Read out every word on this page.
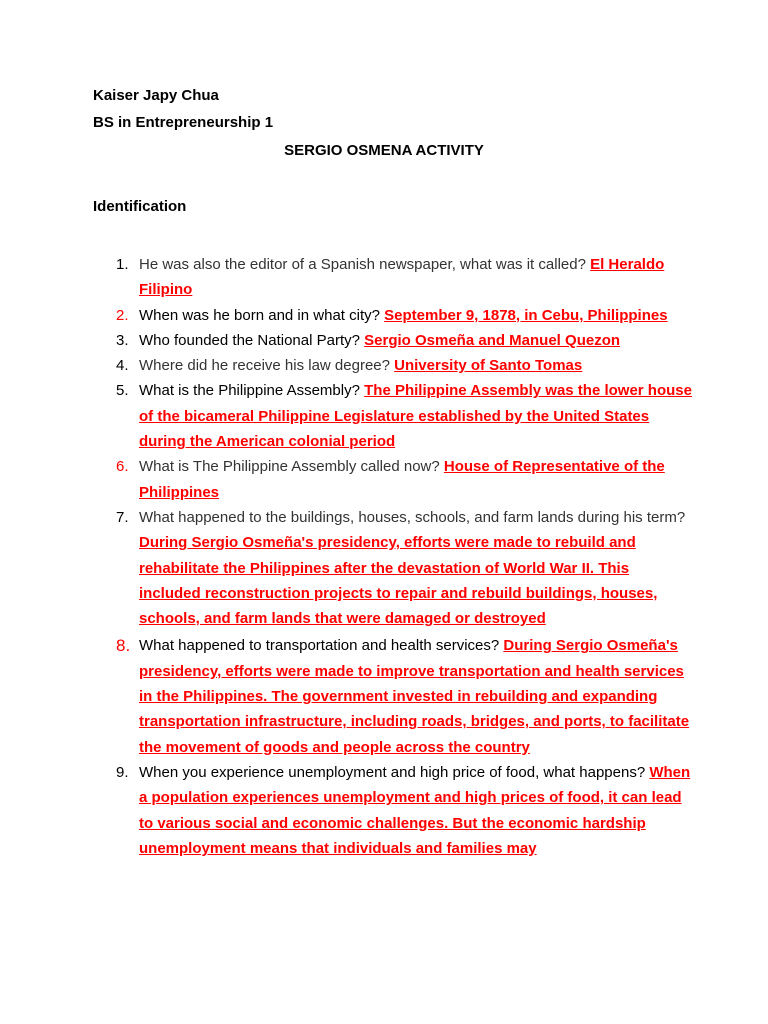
Kaiser Japy Chua
BS in Entrepreneurship 1
SERGIO OSMENA ACTIVITY
Identification
1. He was also the editor of a Spanish newspaper, what was it called? El Heraldo Filipino
2. When was he born and in what city? September 9, 1878, in Cebu, Philippines
3. Who founded the National Party? Sergio Osmeña and Manuel Quezon
4. Where did he receive his law degree? University of Santo Tomas
5. What is the Philippine Assembly? The Philippine Assembly was the lower house of the bicameral Philippine Legislature established by the United States during the American colonial period
6. What is The Philippine Assembly called now? House of Representative of the Philippines
7. What happened to the buildings, houses, schools, and farm lands during his term? During Sergio Osmeña's presidency, efforts were made to rebuild and rehabilitate the Philippines after the devastation of World War II. This included reconstruction projects to repair and rebuild buildings, houses, schools, and farm lands that were damaged or destroyed
8. What happened to transportation and health services? During Sergio Osmeña's presidency, efforts were made to improve transportation and health services in the Philippines. The government invested in rebuilding and expanding transportation infrastructure, including roads, bridges, and ports, to facilitate the movement of goods and people across the country
9. When you experience unemployment and high price of food, what happens? When a population experiences unemployment and high prices of food, it can lead to various social and economic challenges. But the economic hardship unemployment means that individuals and families may
